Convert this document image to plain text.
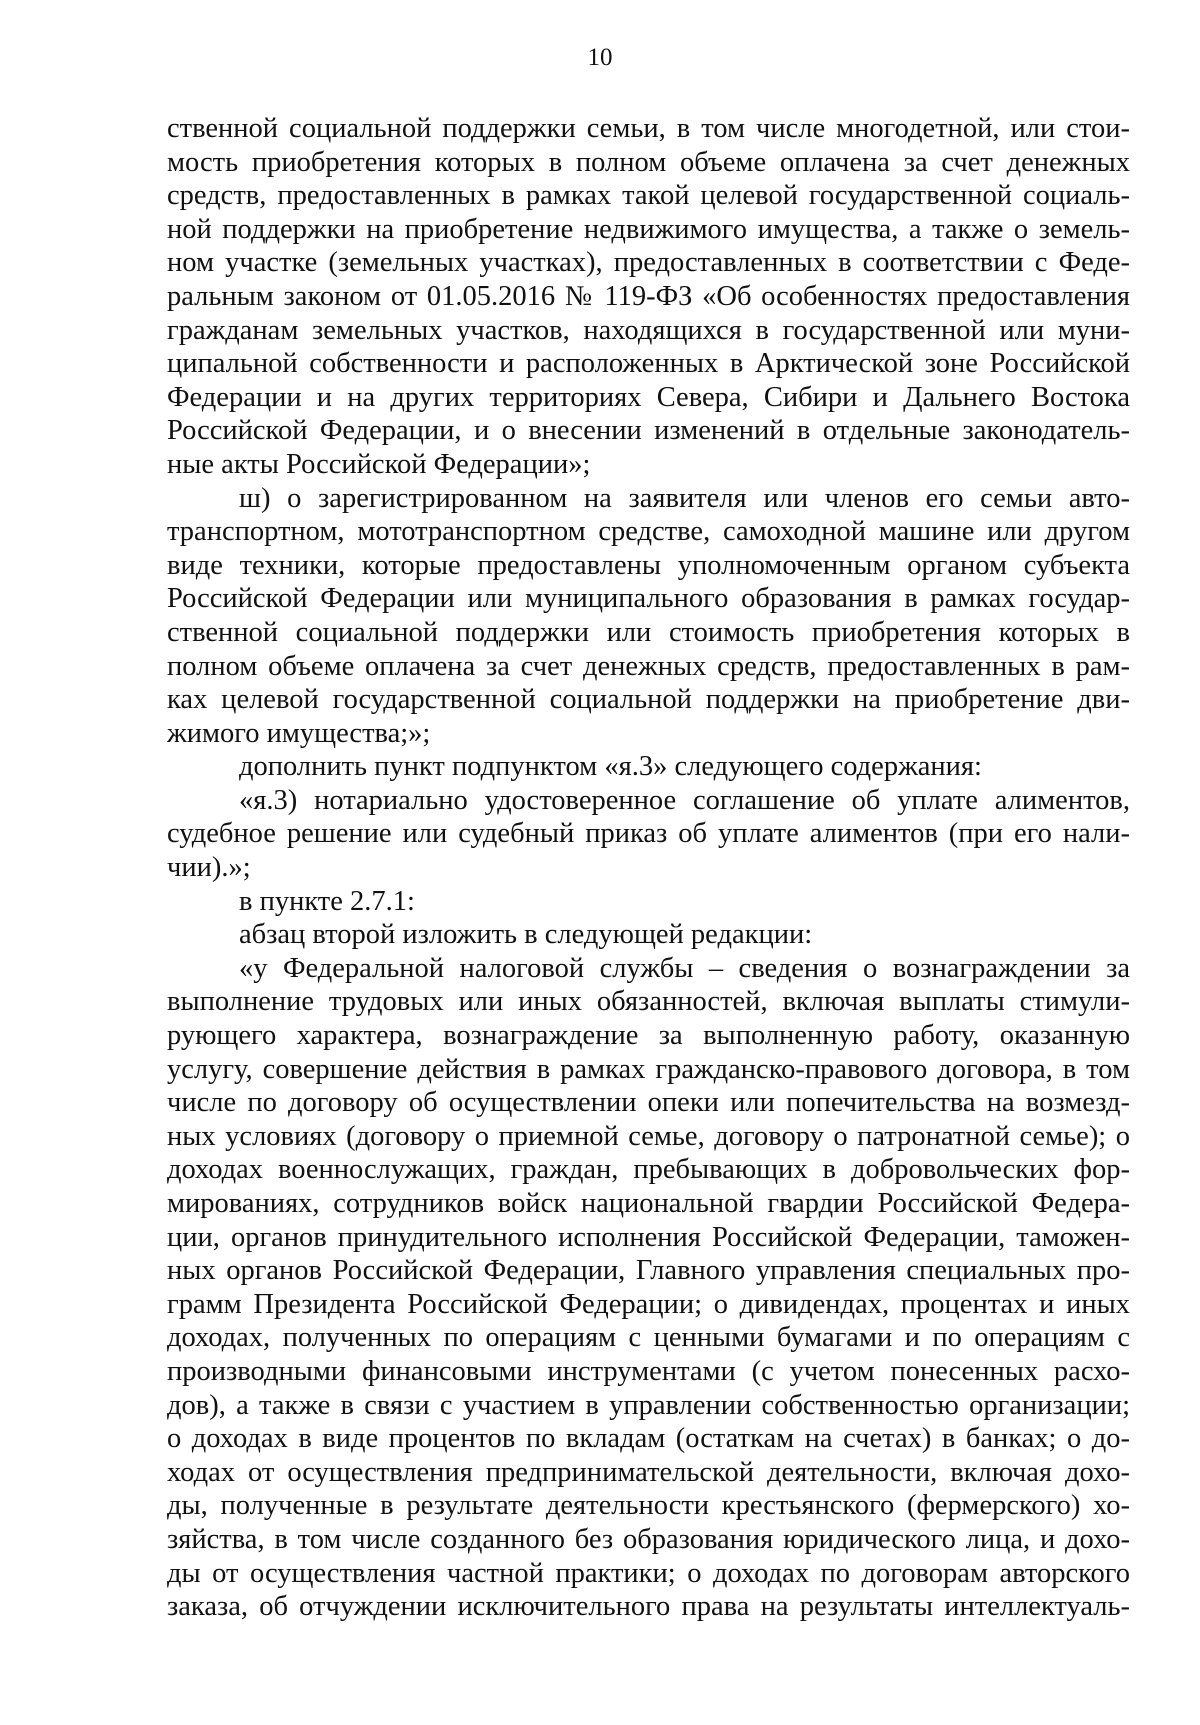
10
ственной социальной поддержки семьи, в том числе многодетной, или стои-
мость приобретения которых в полном объеме оплачена за счет денежных
средств, предоставленных в рамках такой целевой государственной социаль-
ной поддержки на приобретение недвижимого имущества, а также о земель-
ном участке (земельных участках), предоставленных в соответствии с Феде-
ральным законом от 01.05.2016 № 119-ФЗ «Об особенностях предоставления
гражданам земельных участков, находящихся в государственной или муни-
ципальной собственности и расположенных в Арктической зоне Российской
Федерации и на других территориях Севера, Сибири и Дальнего Востока
Российской Федерации, и о внесении изменений в отдельные законодатель-
ные акты Российской Федерации»;
ш) о зарегистрированном на заявителя или членов его семьи авто-
транспортном, мототранспортном средстве, самоходной машине или другом
виде техники, которые предоставлены уполномоченным органом субъекта
Российской Федерации или муниципального образования в рамках государ-
ственной социальной поддержки или стоимость приобретения которых в
полном объеме оплачена за счет денежных средств, предоставленных в рам-
ках целевой государственной социальной поддержки на приобретение дви-
жимого имущества;»;
дополнить пункт подпунктом «я.3» следующего содержания:
«я.3) нотариально удостоверенное соглашение об уплате алиментов,
судебное решение или судебный приказ об уплате алиментов (при его нали-
чии).»;
в пункте 2.7.1:
абзац второй изложить в следующей редакции:
«у Федеральной налоговой службы – сведения о вознаграждении за
выполнение трудовых или иных обязанностей, включая выплаты стимули-
рующего характера, вознаграждение за выполненную работу, оказанную
услугу, совершение действия в рамках гражданско-правового договора, в том
числе по договору об осуществлении опеки или попечительства на возмезд-
ных условиях (договору о приемной семье, договору о патронатной семье); о
доходах военнослужащих, граждан, пребывающих в добровольческих фор-
мированиях, сотрудников войск национальной гвардии Российской Федера-
ции, органов принудительного исполнения Российской Федерации, таможен-
ных органов Российской Федерации, Главного управления специальных про-
грамм Президента Российской Федерации; о дивидендах, процентах и иных
доходах, полученных по операциям с ценными бумагами и по операциям с
производными финансовыми инструментами (с учетом понесенных расхо-
дов), а также в связи с участием в управлении собственностью организации;
о доходах в виде процентов по вкладам (остаткам на счетах) в банках; о до-
ходах от осуществления предпринимательской деятельности, включая дохо-
ды, полученные в результате деятельности крестьянского (фермерского) хо-
зяйства, в том числе созданного без образования юридического лица, и дохо-
ды от осуществления частной практики; о доходах по договорам авторского
заказа, об отчуждении исключительного права на результаты интеллектуаль-
